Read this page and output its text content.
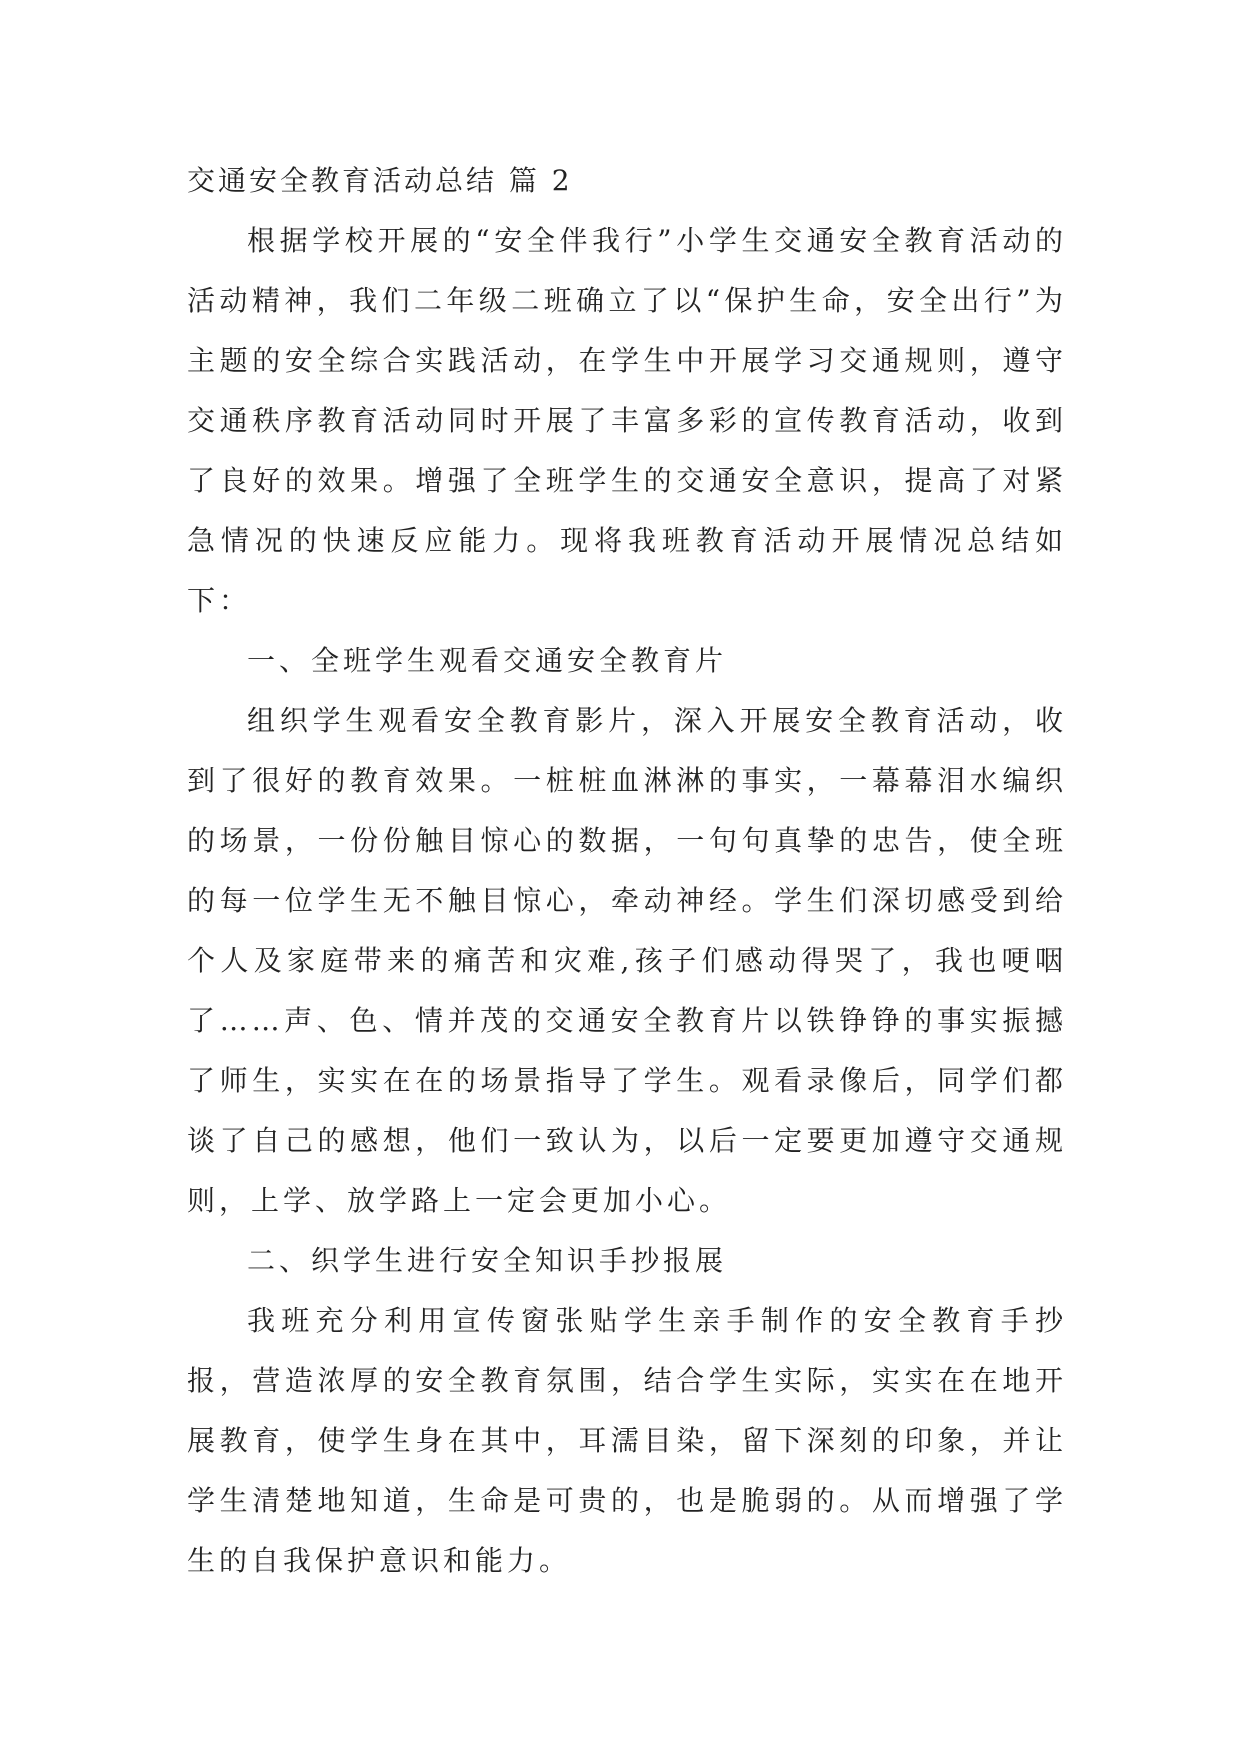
交通安全教育活动总结 篇 2

根据学校开展的“安全伴我行”小学生交通安全教育活动的活动精神，我们二年级二班确立了以“保护生命，安全出行”为主题的安全综合实践活动，在学生中开展学习交通规则，遵守交通秩序教育活动同时开展了丰富多彩的宣传教育活动，收到了良好的效果。增强了全班学生的交通安全意识，提高了对紧急情况的快速反应能力。现将我班教育活动开展情况总结如下：

一、全班学生观看交通安全教育片

组织学生观看安全教育影片，深入开展安全教育活动，收到了很好的教育效果。一桩桩血淋淋的事实，一幕幕泪水编织的场景，一份份触目惊心的数据，一句句真挚的忠告，使全班的每一位学生无不触目惊心，牵动神经。学生们深切感受到给个人及家庭带来的痛苦和灾难,孩子们感动得哭了，我也哽咽了……声、色、情并茂的交通安全教育片以铁铮铮的事实振撼了师生，实实在在的场景指导了学生。观看录像后，同学们都谈了自己的感想，他们一致认为，以后一定要更加遵守交通规则，上学、放学路上一定会更加小心。

二、织学生进行安全知识手抄报展

我班充分利用宣传窗张贴学生亲手制作的安全教育手抄报，营造浓厚的安全教育氛围，结合学生实际，实实在在地开展教育，使学生身在其中，耳濡目染，留下深刻的印象，并让学生清楚地知道，生命是可贵的，也是脆弱的。从而增强了学生的自我保护意识和能力。
